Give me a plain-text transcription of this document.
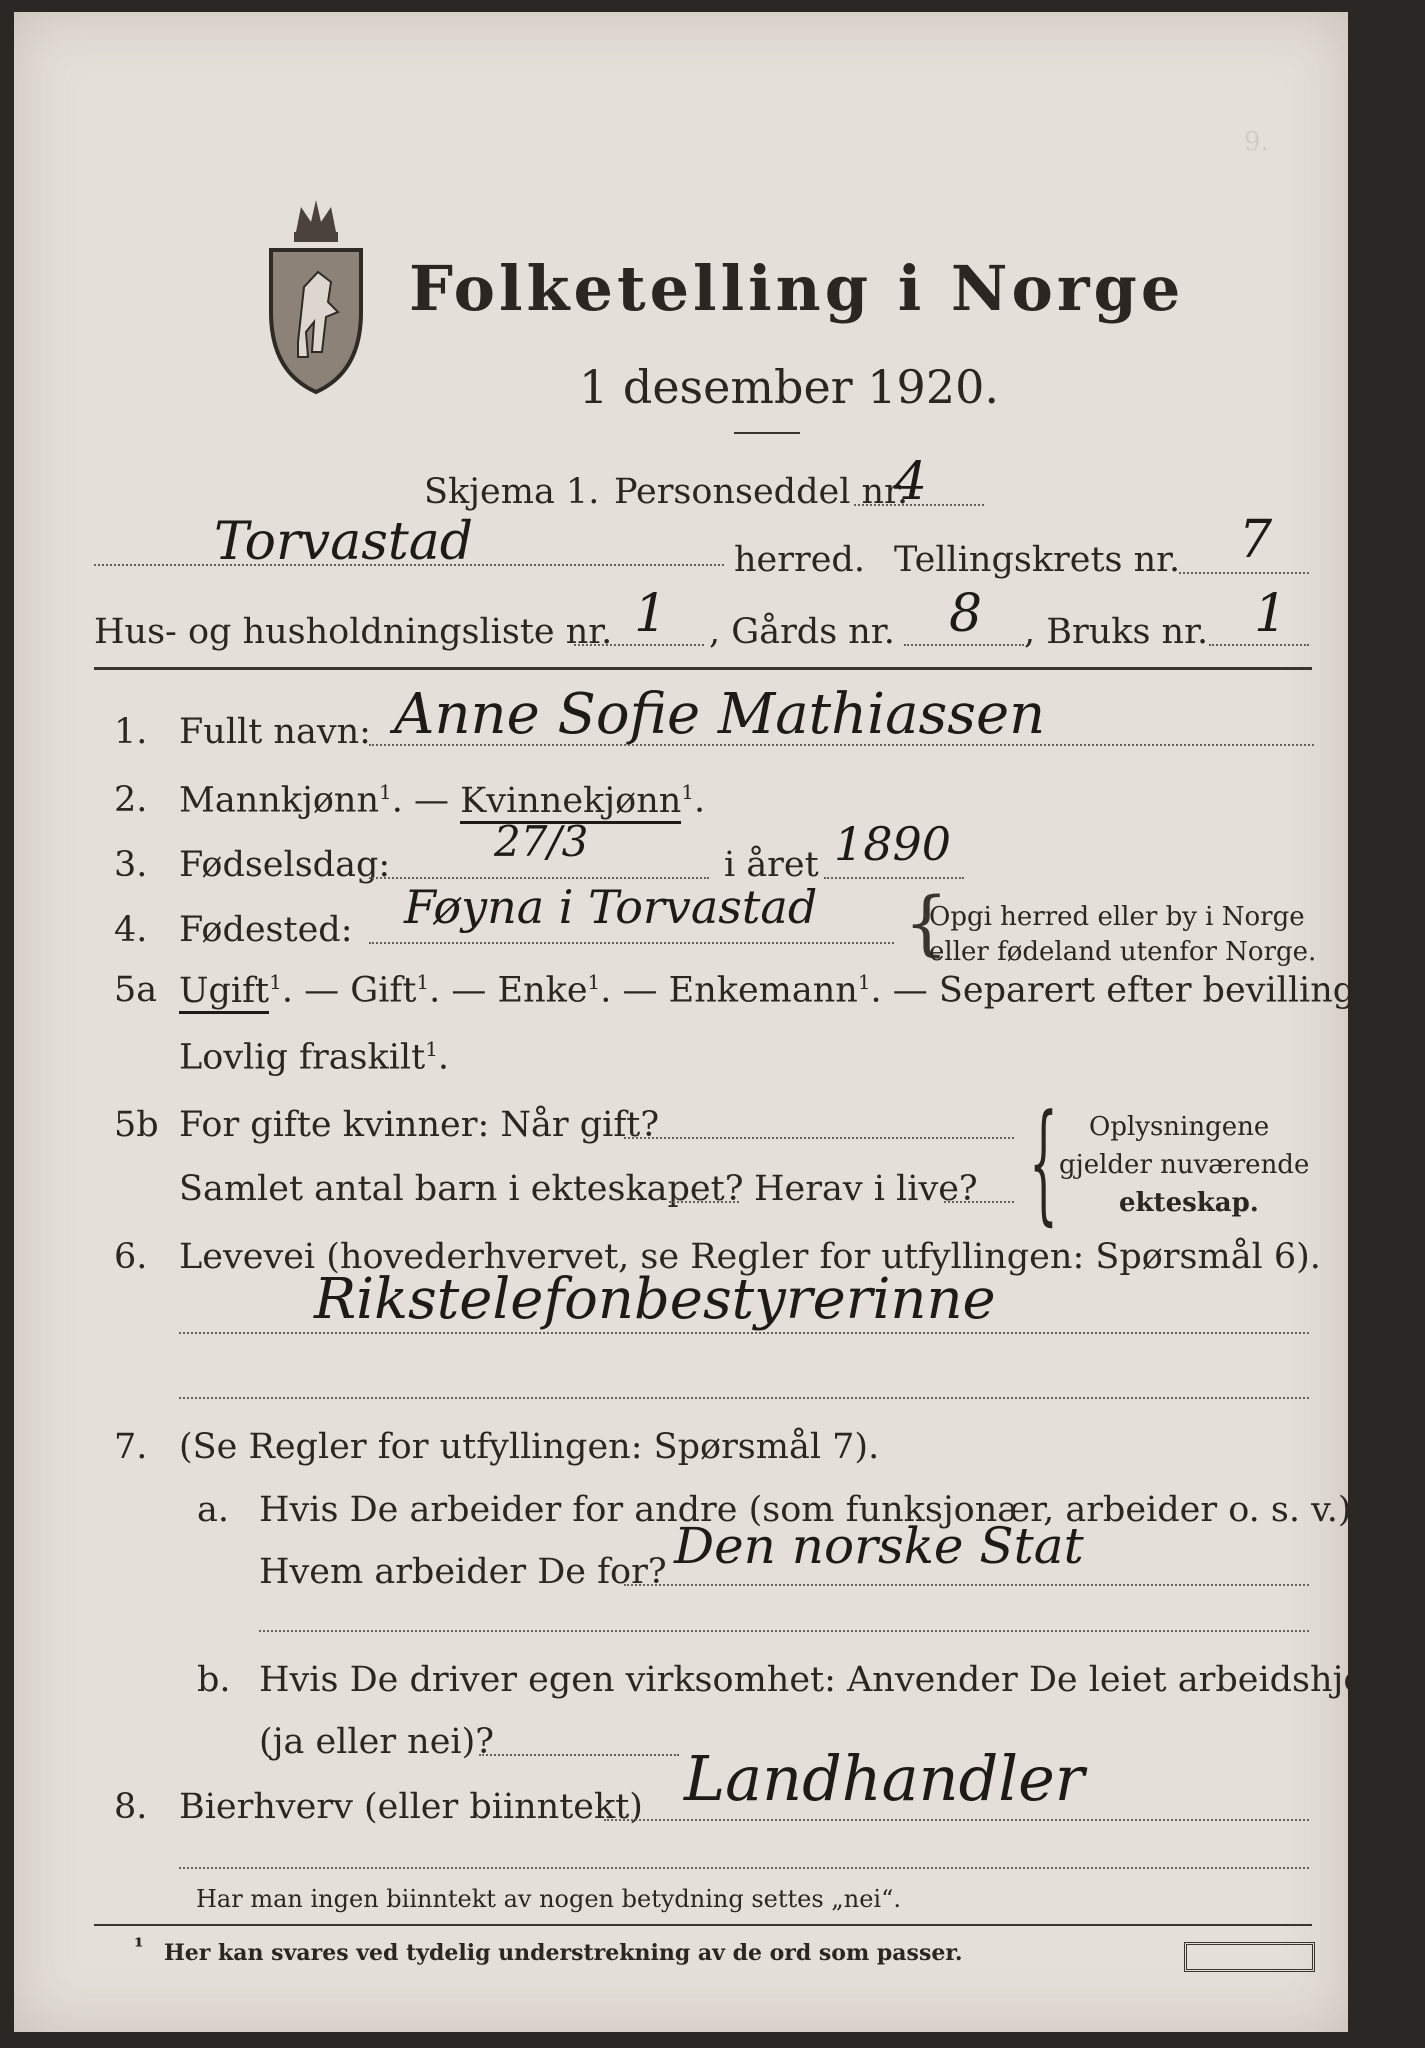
9.
Folketelling i Norge
1 desember 1920.
Skjema 1. Personseddel nr.
4
Torvastad	herred. Tellingskrets nr. 7
Hus- og husholdningsliste nr. 1 , Gårds nr. 8 , Bruks nr. 1
1. Fullt navn: Anne Sofie Mathiassen
2. Mannkjønn$^1$. — Kvinnekjønn$^1$.
3. Fødselsdag: 27/3	i året 1890
4. Fødested: Føyna i Torvastad {
Opgi herred eller by i Norge
eller fødeland utenfor Norge.
5a Ugift$^1$. — Gift$^1$. — Enke$^1$. — Enkemann$^1$. — Separert efter bevilling$^1$. —
Lovlig fraskilt$^1$.
5b For gifte kvinner: Når gift?
Samlet antal barn i ekteskapet? Herav i live? { Oplysningene
gjelder nuværende
ekteskap.
6. Levevei (hovederhvervet, se Regler for utfyllingen: Spørsmål 6).
Rikstelefonbestyrerinne
7. (Se Regler for utfyllingen: Spørsmål 7).
a. Hvis De arbeider for andre (som funksjonær, arbeider o. s. v.):
Hvem arbeider De for? Den norske Stat
b. Hvis De driver egen virksomhet: Anvender De leiet arbeidshjelp
(ja eller nei)?
8. Bierhverv (eller biinntekt) Landhandler
Har man ingen biinntekt av nogen betydning settes „nei“.
¹ Her kan svares ved tydelig understrekning av de ord som passer.
